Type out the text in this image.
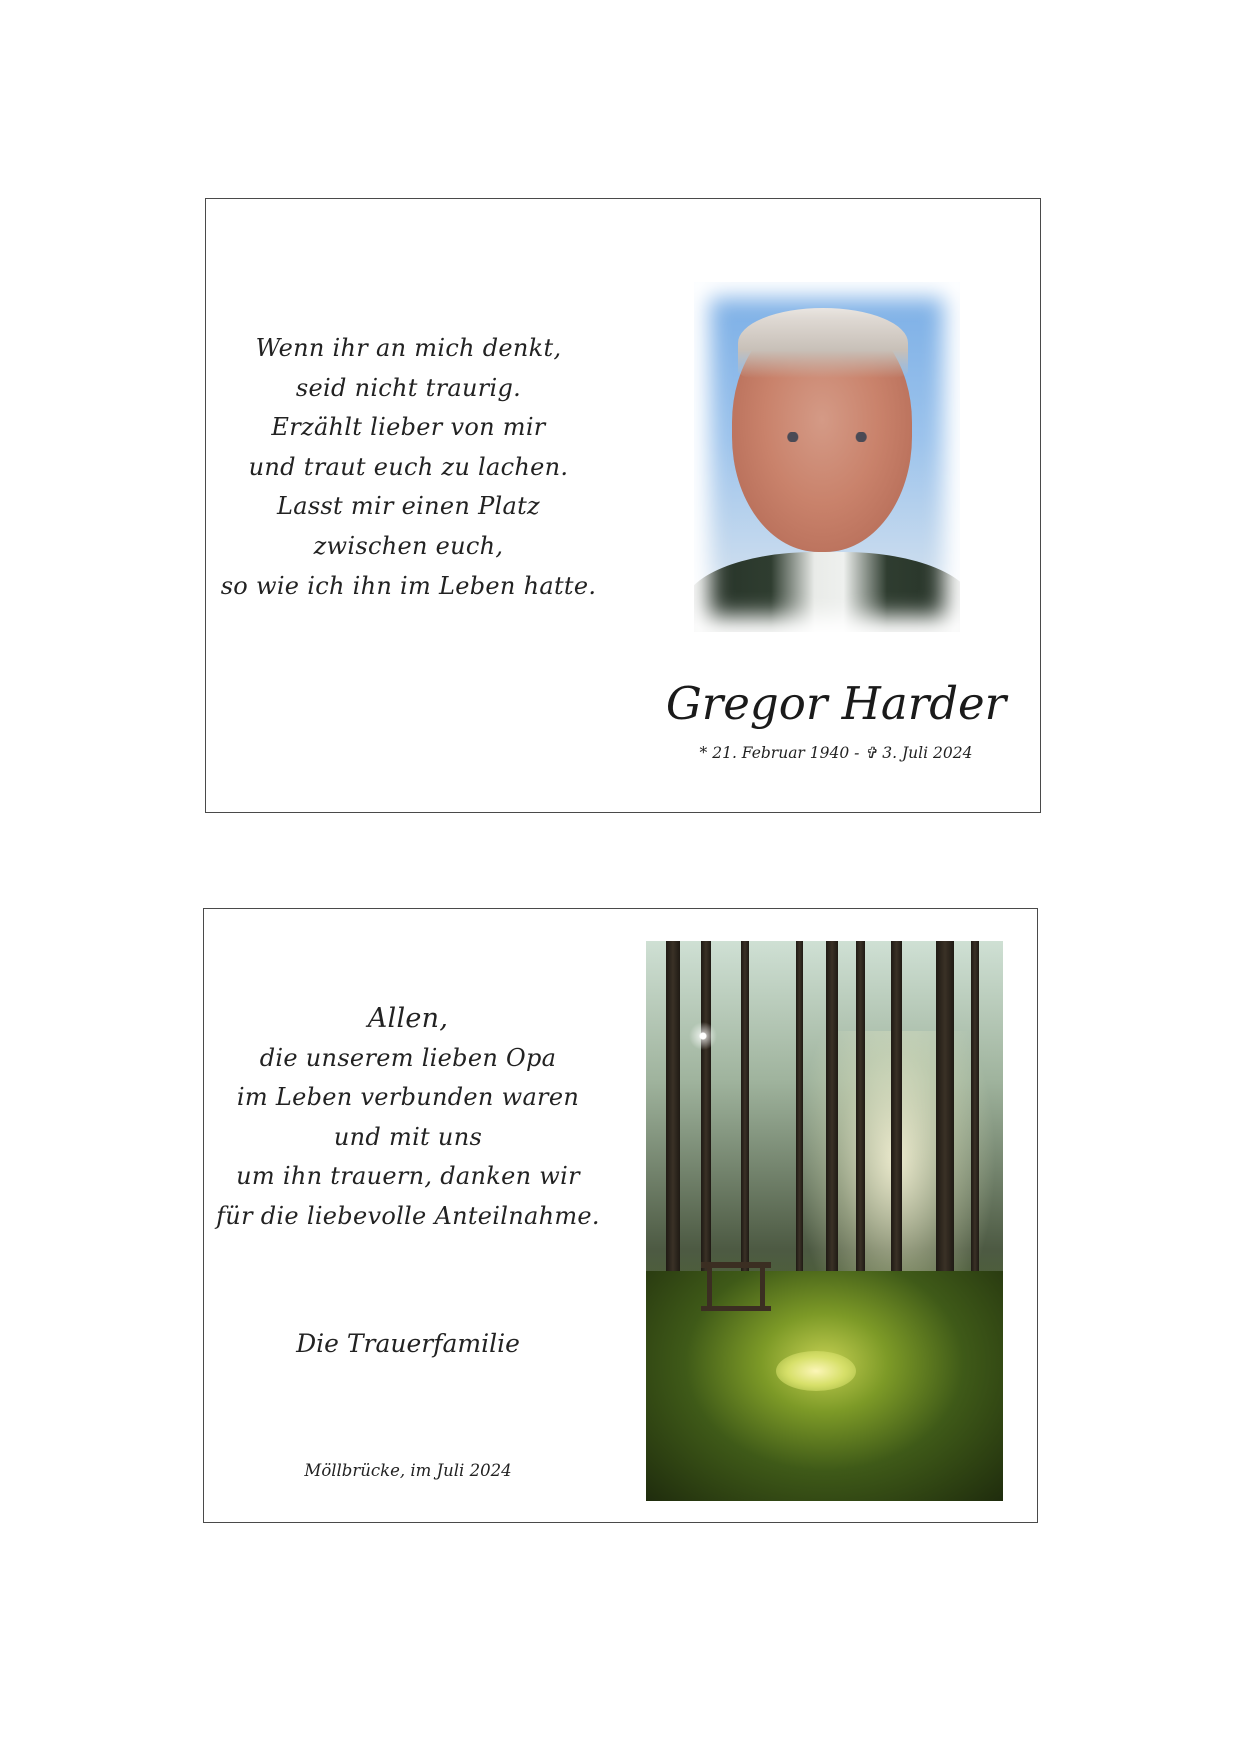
Wenn ihr an mich denkt,
seid nicht traurig.
Erzählt lieber von mir
und traut euch zu lachen.
Lasst mir einen Platz
zwischen euch,
so wie ich ihn im Leben hatte.
Gregor Harder
* 21. Februar 1940 - ✞ 3. Juli 2024
Allen,
die unserem lieben Opa
im Leben verbunden waren
und mit uns
um ihn trauern, danken wir
für die liebevolle Anteilnahme.
Die Trauerfamilie
Möllbrücke, im Juli 2024
